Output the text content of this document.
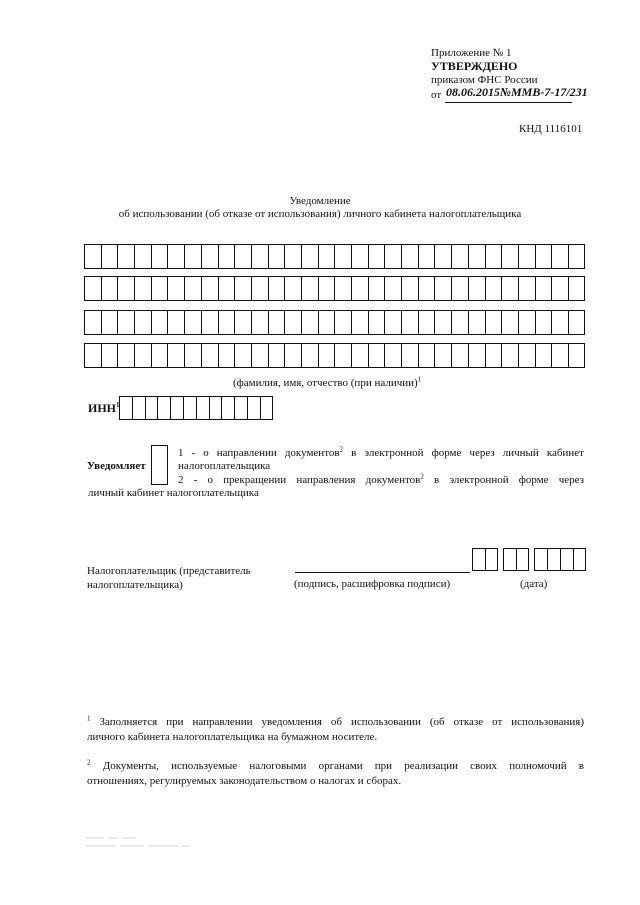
Приложение № 1
УТВЕРЖДЕНО
приказом ФНС России
от 08.06.2015№ММВ-7-17/231
КНД 1116101
Уведомление
об использовании (об отказе от использования) личного кабинета налогоплательщика
(фамилия, имя, отчество (при наличии)$^1$
ИНН$^1$
Уведомляет
1 - о направлении документов$^2$ в электронной форме через личный кабинет
налогоплательщика
2 - о прекращении направления документов$^2$ в электронной форме через
личный кабинет налогоплательщика
Налогоплательщик (представитель
налогоплательщика)	(подпись, расшифровка подписи)	(дата)
$^1$ Заполняется при направлении уведомления об использовании (об отказе от использования)
личного кабинета налогоплательщика на бумажном носителе.
$^2$ Документы, используемые налоговыми органами при реализации своих полномочий в
отношениях, регулируемых законодательством о налогах и сборах.
